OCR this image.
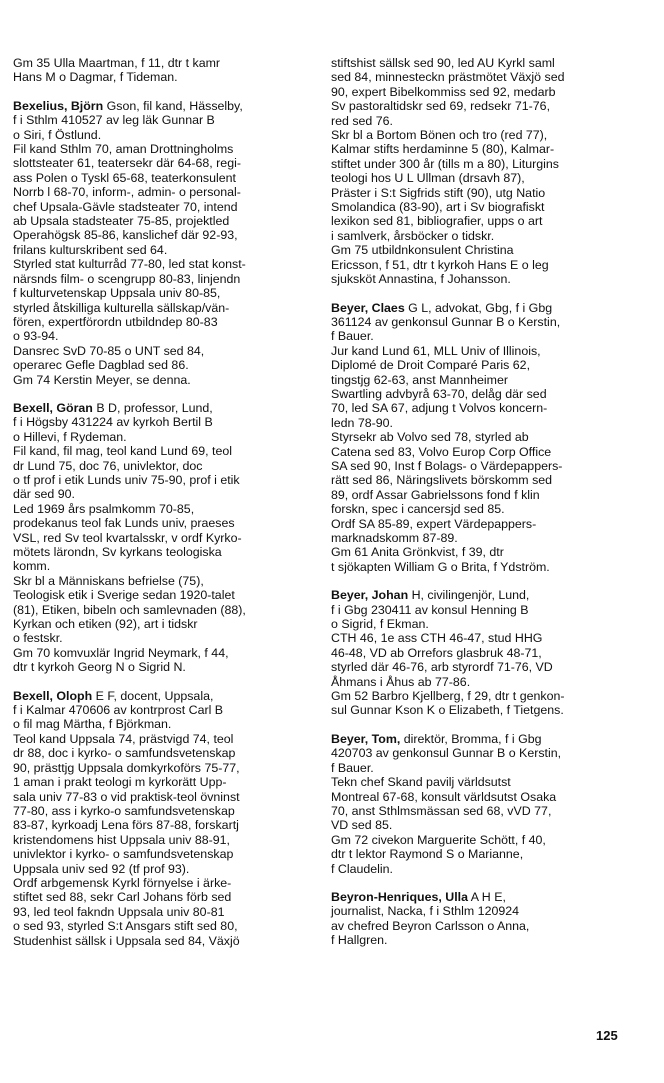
Gm 35 Ulla Maartman, f 11, dtr t kamr
Hans M o Dagmar, f Tideman.
Bexelius, Björn Gson, fil kand, Hässelby,
f i Sthlm 410527 av leg läk Gunnar B
o Siri, f Östlund.
Fil kand Sthlm 70, aman Drottningholms
slottsteater 61, teatersekr där 64-68, regi-
ass Polen o Tyskl 65-68, teaterkonsulent
Norrb l 68-70, inform-, admin- o personal-
chef Upsala-Gävle stadsteater 70, intend
ab Upsala stadsteater 75-85, projektled
Operahögsk 85-86, kanslichef där 92-93,
frilans kulturskribent sed 64.
Styrled stat kulturråd 77-80, led stat konst-
närsnds film- o scengrupp 80-83, linjendn
f kulturvetenskap Uppsala univ 80-85,
styrled åtskilliga kulturella sällskap/vän-
fören, expertförordn utbildndep 80-83
o 93-94.
Dansrec SvD 70-85 o UNT sed 84,
operarec Gefle Dagblad sed 86.
Gm 74 Kerstin Meyer, se denna.
Bexell, Göran B D, professor, Lund,
f i Högsby 431224 av kyrkoh Bertil B
o Hillevi, f Rydeman.
Fil kand, fil mag, teol kand Lund 69, teol
dr Lund 75, doc 76, univlektor, doc
o tf prof i etik Lunds univ 75-90, prof i etik
där sed 90.
Led 1969 års psalmkomm 70-85,
prodekanus teol fak Lunds univ, praeses
VSL, red Sv teol kvartalsskr, v ordf Kyrko-
mötets lärondn, Sv kyrkans teologiska
komm.
Skr bl a Människans befrielse (75),
Teologisk etik i Sverige sedan 1920-talet
(81), Etiken, bibeln och samlevnaden (88),
Kyrkan och etiken (92), art i tidskr
o festskr.
Gm 70 komvuxlär Ingrid Neymark, f 44,
dtr t kyrkoh Georg N o Sigrid N.
Bexell, Oloph E F, docent, Uppsala,
f i Kalmar 470606 av kontrprost Carl B
o fil mag Märtha, f Björkman.
Teol kand Uppsala 74, prästvigd 74, teol
dr 88, doc i kyrko- o samfundsvetenskap
90, prästtjg Uppsala domkyrkoförs 75-77,
1 aman i prakt teologi m kyrkorätt Upp-
sala univ 77-83 o vid praktisk-teol övninst
77-80, ass i kyrko-o samfundsvetenskap
83-87, kyrkoadj Lena förs 87-88, forskartj
kristendomens hist Uppsala univ 88-91,
univlektor i kyrko- o samfundsvetenskap
Uppsala univ sed 92 (tf prof 93).
Ordf arbgemensk Kyrkl förnyelse i ärke-
stiftet sed 88, sekr Carl Johans förb sed
93, led teol fakndn Uppsala univ 80-81
o sed 93, styrled S:t Ansgars stift sed 80,
Studenhist sällsk i Uppsala sed 84, Växjö
stiftshist sällsk sed 90, led AU Kyrkl saml
sed 84, minnesteckn prästmötet Växjö sed
90, expert Bibelkommiss sed 92, medarb
Sv pastoraltidskr sed 69, redsekr 71-76,
red sed 76.
Skr bl a Bortom Bönen och tro (red 77),
Kalmar stifts herdaminne 5 (80), Kalmar-
stiftet under 300 år (tills m a 80), Liturgins
teologi hos U L Ullman (drsavh 87),
Präster i S:t Sigfrids stift (90), utg Natio
Smolandica (83-90), art i Sv biografiskt
lexikon sed 81, bibliografier, upps o art
i samlverk, årsböcker o tidskr.
Gm 75 utbildnkonsulent Christina
Ericsson, f 51, dtr t kyrkoh Hans E o leg
sjuksköt Annastina, f Johansson.
Beyer, Claes G L, advokat, Gbg, f i Gbg
361124 av genkonsul Gunnar B o Kerstin,
f Bauer.
Jur kand Lund 61, MLL Univ of Illinois,
Diplomé de Droit Comparé Paris 62,
tingstjg 62-63, anst Mannheimer
Swartling advbyrå 63-70, delåg där sed
70, led SA 67, adjung t Volvos koncern-
ledn 78-90.
Styrsekr ab Volvo sed 78, styrled ab
Catena sed 83, Volvo Europ Corp Office
SA sed 90, Inst f Bolags- o Värdepappers-
rätt sed 86, Näringslivets börskomm sed
89, ordf Assar Gabrielssons fond f klin
forskn, spec i cancersjd sed 85.
Ordf SA 85-89, expert Värdepappers-
marknadskomm 87-89.
Gm 61 Anita Grönkvist, f 39, dtr
t sjökapten William G o Brita, f Ydström.
Beyer, Johan H, civilingenjör, Lund,
f i Gbg 230411 av konsul Henning B
o Sigrid, f Ekman.
CTH 46, 1e ass CTH 46-47, stud HHG
46-48, VD ab Orrefors glasbruk 48-71,
styrled där 46-76, arb styrordf 71-76, VD
Åhmans i Åhus ab 77-86.
Gm 52 Barbro Kjellberg, f 29, dtr t genkon-
sul Gunnar Kson K o Elizabeth, f Tietgens.
Beyer, Tom, direktör, Bromma, f i Gbg
420703 av genkonsul Gunnar B o Kerstin,
f Bauer.
Tekn chef Skand pavilj världsutst
Montreal 67-68, konsult världsutst Osaka
70, anst Sthlmsmässan sed 68, vVD 77,
VD sed 85.
Gm 72 civekon Marguerite Schött, f 40,
dtr t lektor Raymond S o Marianne,
f Claudelin.
Beyron-Henriques, Ulla A H E,
journalist, Nacka, f i Sthlm 120924
av chefred Beyron Carlsson o Anna,
f Hallgren.
125
